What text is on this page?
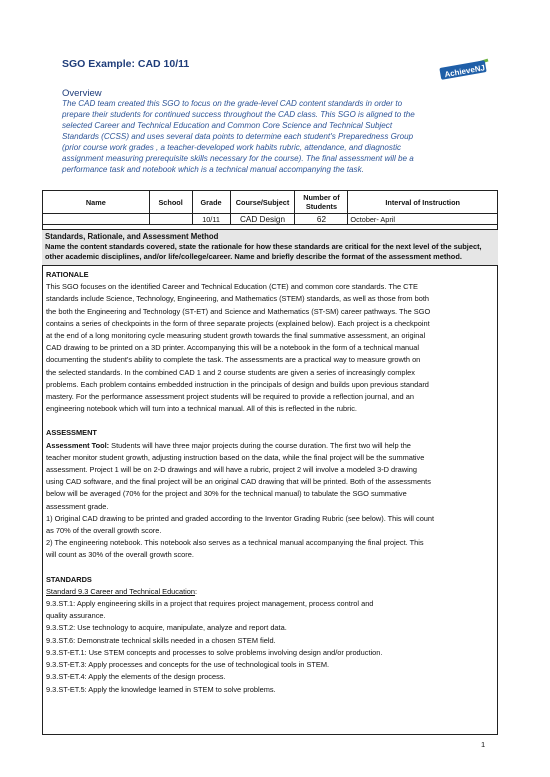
SGO Example: CAD 10/11	AchieveNJ
Overview
The CAD team created this SGO to focus on the grade-level CAD content standards in order to
prepare their students for continued success throughout the CAD class. This SGO is aligned to the
selected Career and Technical Education and Common Core Science and Technical Subject
Standards (CCSS) and uses several data points to determine each student's Preparedness Group
(prior course work grades , a teacher-developed work habits rubric, attendance, and diagnostic
assignment measuring prerequisite skills necessary for the course). The final assessment will be a
performance task and notebook which is a technical manual accompanying the task.
Name	School	Grade	Course/Subject	Number of Students	Interval of Instruction
		10/11	CAD Design	62	October- April
Standards, Rationale, and Assessment Method
Name the content standards covered, state the rationale for how these standards are critical for the next level of the subject,
other academic disciplines, and/or life/college/career. Name and briefly describe the format of the assessment method.

RATIONALE

This SGO focuses on the identified Career and Technical Education (CTE) and common core standards. The CTE

standards include Science, Technology, Engineering, and Mathematics (STEM) standards, as well as those from both

the both the Engineering and Technology (ST-ET) and Science and Mathematics (ST-SM) career pathways. The SGO

contains a series of checkpoints in the form of three separate projects (explained below). Each project is a checkpoint

at the end of a long monitoring cycle measuring student growth towards the final summative assessment, an original

CAD drawing to be printed on a 3D printer. Accompanying this will be a notebook in the form of a technical manual

documenting the student's ability to complete the task. The assessments are a practical way to measure growth on

the selected standards. In the combined CAD 1 and 2 course students are given a series of increasingly complex

problems. Each problem contains embedded instruction in the principals of design and builds upon previous standard

mastery. For the performance assessment project students will be required to provide a reflection journal, and an

engineering notebook which will turn into a technical manual. All of this is reflected in the rubric.

ASSESSMENT

Assessment Tool: Students will have three major projects during the course duration. The first two will help the

teacher monitor student growth, adjusting instruction based on the data, while the final project will be the summative

assessment. Project 1 will be on 2-D drawings and will have a rubric, project 2 will involve a modeled 3-D drawing

using CAD software, and the final project will be an original CAD drawing that will be printed. Both of the assessments

below will be averaged (70% for the project and 30% for the technical manual) to tabulate the SGO summative

assessment grade.

1) Original CAD drawing to be printed and graded according to the Inventor Grading Rubric (see below). This will count

as 70% of the overall growth score.

2) The engineering notebook. This notebook also serves as a technical manual accompanying the final project. This

will count as 30% of the overall growth score.

STANDARDS

Standard 9.3 Career and Technical Education:

9.3.ST.1: Apply engineering skills in a project that requires project management, process control and

quality assurance.

9.3.ST.2: Use technology to acquire, manipulate, analyze and report data.

9.3.ST.6: Demonstrate technical skills needed in a chosen STEM field.

9.3.ST-ET.1: Use STEM concepts and processes to solve problems involving design and/or production.

9.3.ST-ET.3: Apply processes and concepts for the use of technological tools in STEM.

9.3.ST-ET.4: Apply the elements of the design process.

9.3.ST-ET.5: Apply the knowledge learned in STEM to solve problems.

1
